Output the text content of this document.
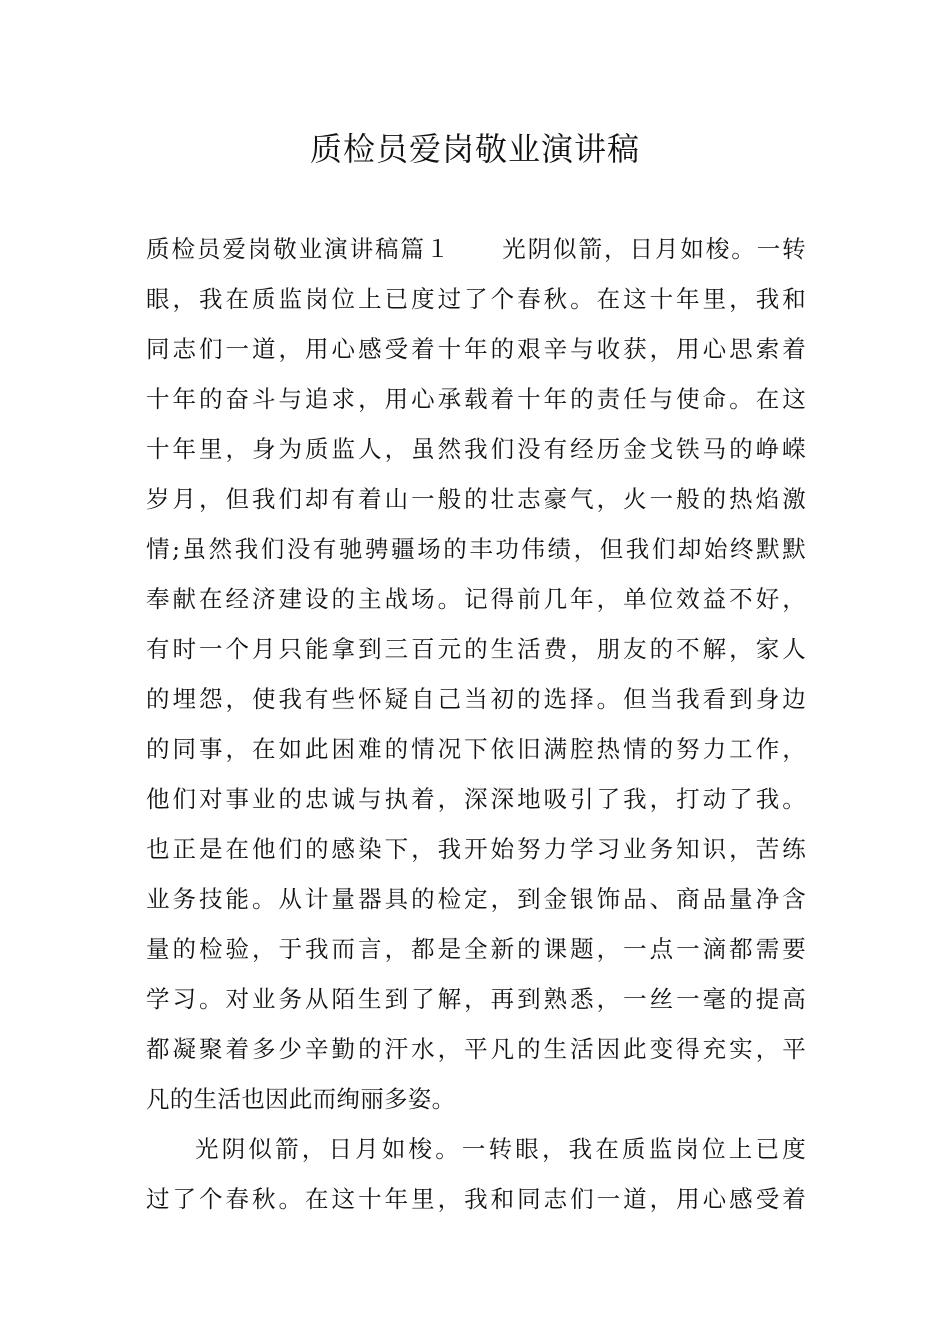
质检员爱岗敬业演讲稿
质检员爱岗敬业演讲稿篇１　　光阴似箭，日月如梭。一转
眼，我在质监岗位上已度过了个春秋。在这十年里，我和
同志们一道，用心感受着十年的艰辛与收获，用心思索着
十年的奋斗与追求，用心承载着十年的责任与使命。在这
十年里，身为质监人，虽然我们没有经历金戈铁马的峥嵘
岁月，但我们却有着山一般的壮志豪气，火一般的热焰激
情;虽然我们没有驰骋疆场的丰功伟绩，但我们却始终默默
奉献在经济建设的主战场。记得前几年，单位效益不好，
有时一个月只能拿到三百元的生活费，朋友的不解，家人
的埋怨，使我有些怀疑自己当初的选择。但当我看到身边
的同事，在如此困难的情况下依旧满腔热情的努力工作，
他们对事业的忠诚与执着，深深地吸引了我，打动了我。
也正是在他们的感染下，我开始努力学习业务知识，苦练
业务技能。从计量器具的检定，到金银饰品、商品量净含
量的检验，于我而言，都是全新的课题，一点一滴都需要
学习。对业务从陌生到了解，再到熟悉，一丝一毫的提高
都凝聚着多少辛勤的汗水，平凡的生活因此变得充实，平
凡的生活也因此而绚丽多姿。
光阴似箭，日月如梭。一转眼，我在质监岗位上已度
过了个春秋。在这十年里，我和同志们一道，用心感受着
